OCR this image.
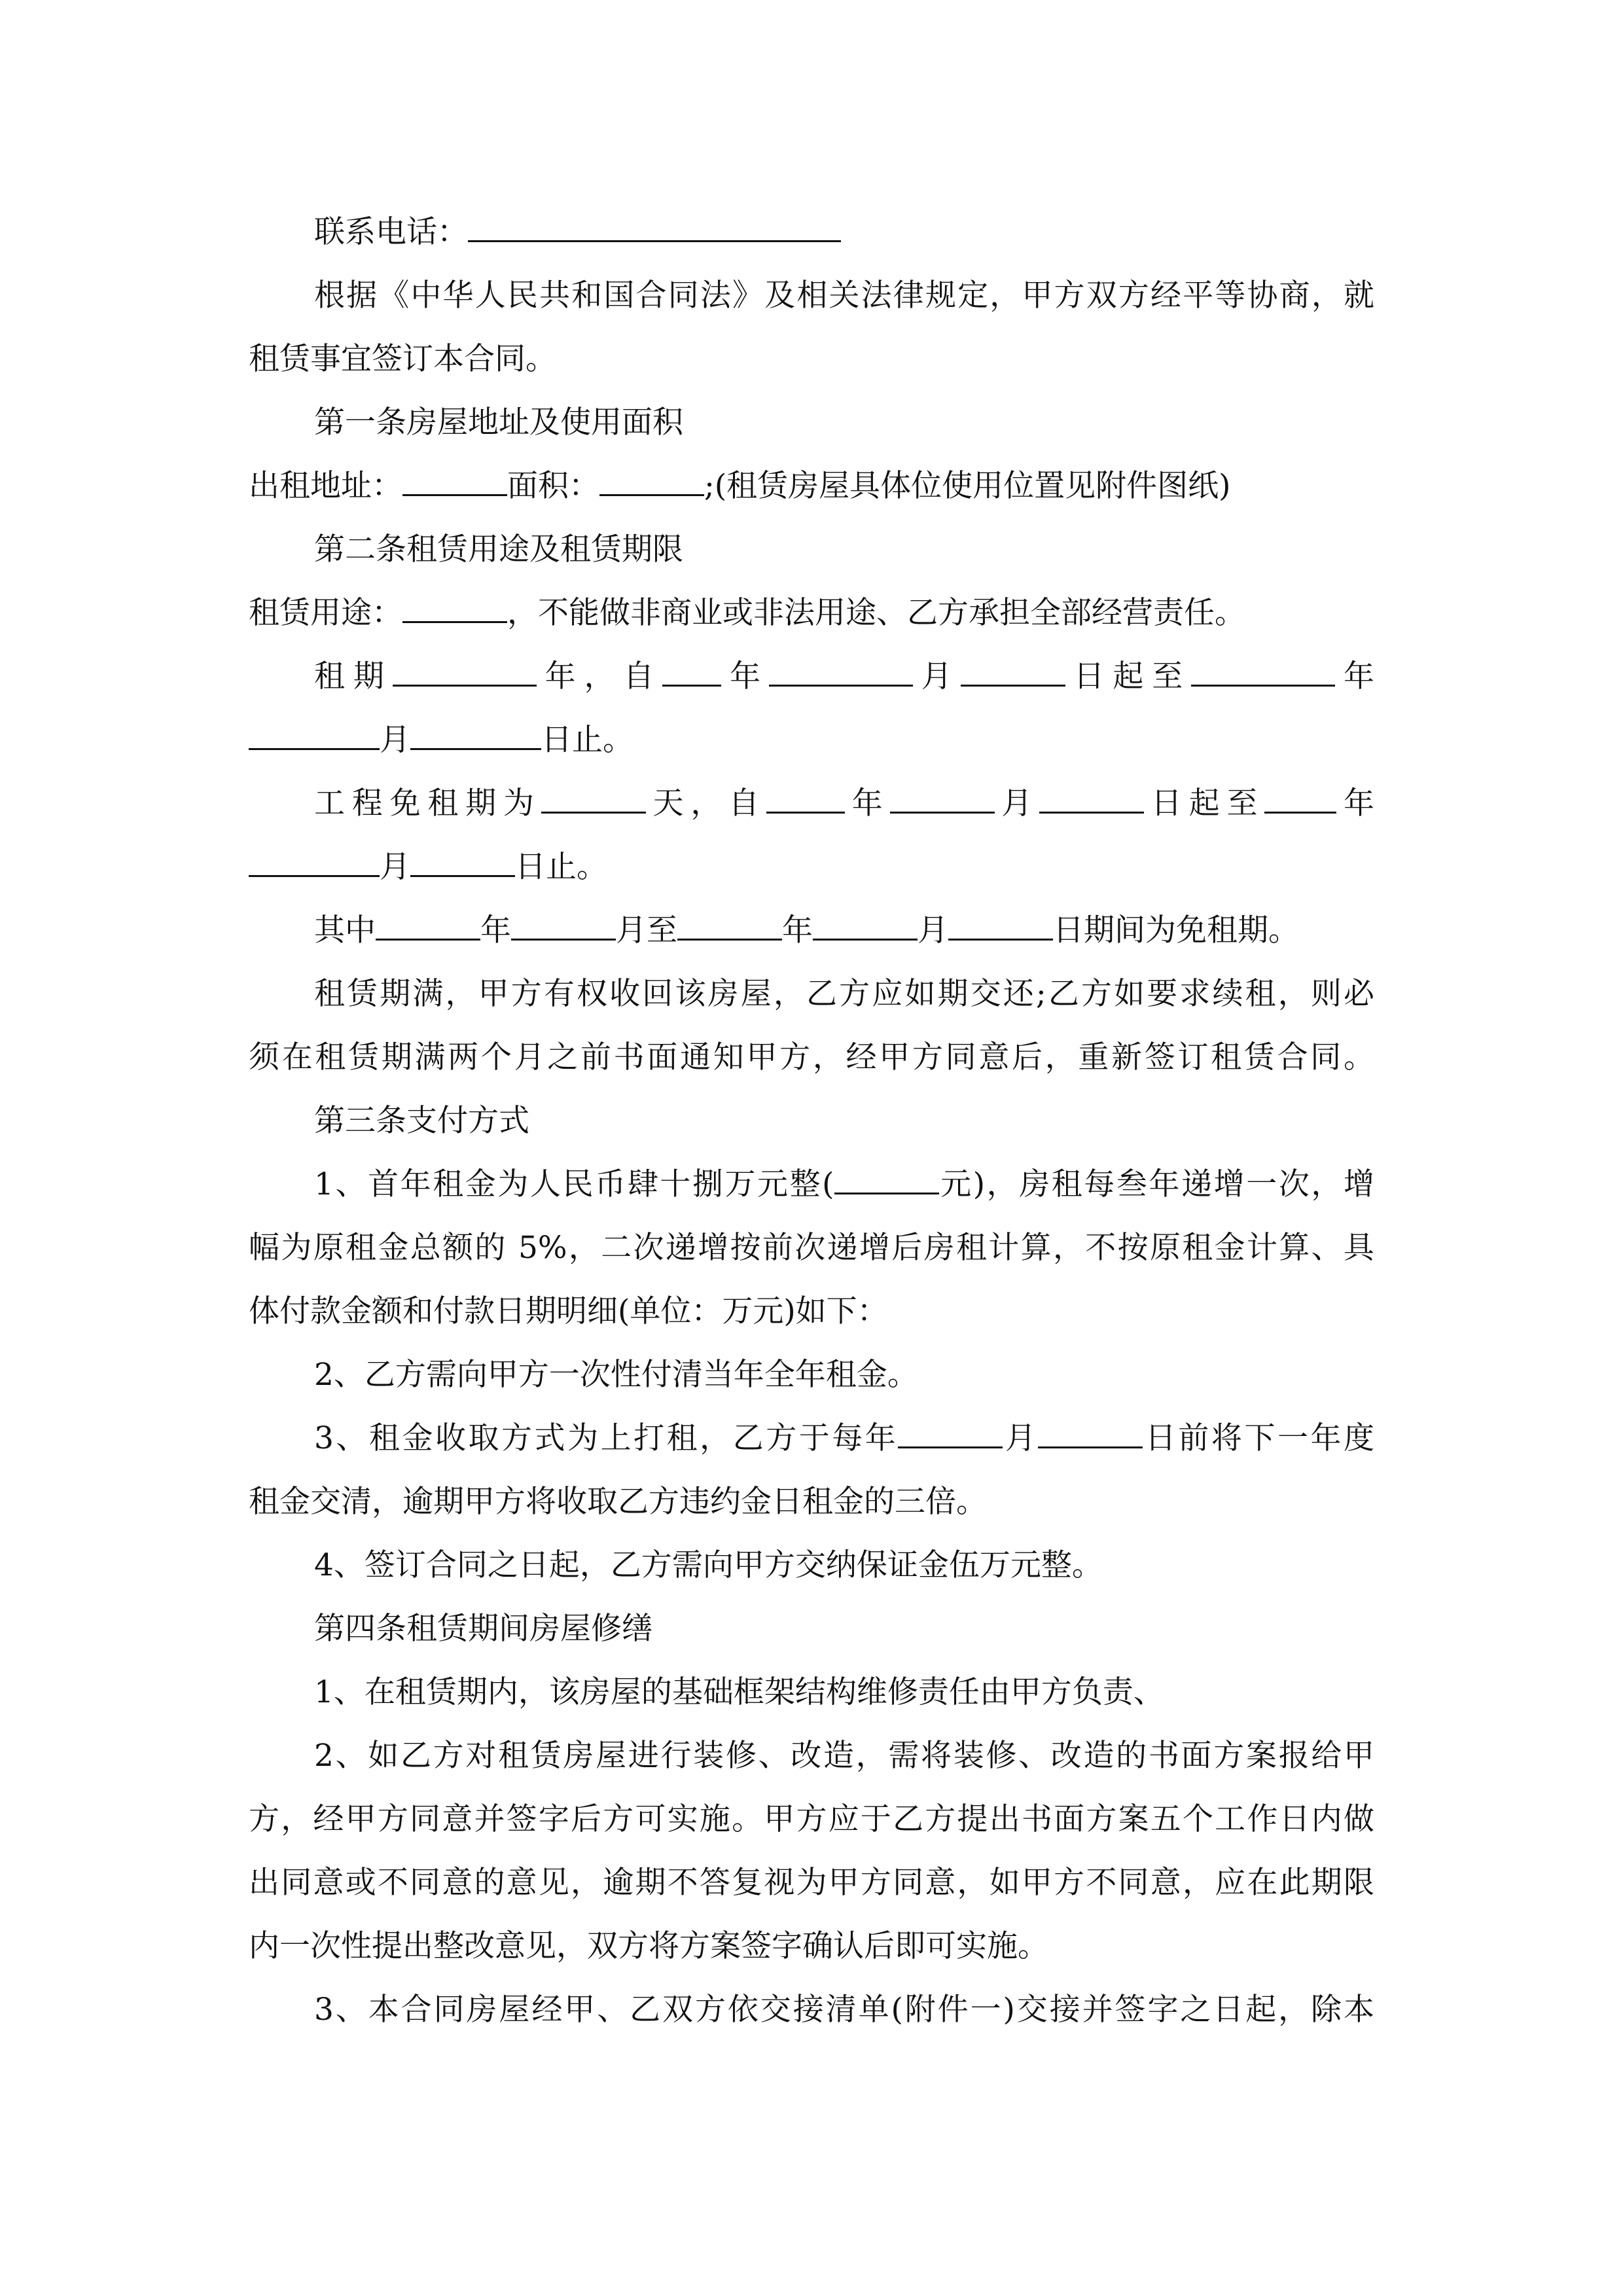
联系电话：
根据《中华人民共和国合同法》及相关法律规定，甲方双方经平等协商，就
租赁事宜签订本合同。
第一条房屋地址及使用面积
出租地址：	面积：	;(租赁房屋具体位使用位置见附件图纸)
第二条租赁用途及租赁期限
租赁用途：	，不能做非商业或非法用途、乙方承担全部经营责任。
租期	年，自 年	月	日起至	年
月	日止。
工程免租期为	天，自	年	月	日起至 年
月	日止。
其中	年	月至	年	月	日期间为免租期。
租赁期满，甲方有权收回该房屋，乙方应如期交还;乙方如要求续租，则必
须在租赁期满两个月之前书面通知甲方，经甲方同意后，重新签订租赁合同。
第三条支付方式
1、首年租金为人民币肆十捌万元整(	元)，房租每叁年递增一次，增
幅为原租金总额的 5%，二次递增按前次递增后房租计算，不按原租金计算、具
体付款金额和付款日期明细(单位：万元)如下：
2、乙方需向甲方一次性付清当年全年租金。
3、租金收取方式为上打租，乙方于每年	月	日前将下一年度
租金交清，逾期甲方将收取乙方违约金日租金的三倍。
4、签订合同之日起，乙方需向甲方交纳保证金伍万元整。
第四条租赁期间房屋修缮
1、在租赁期内，该房屋的基础框架结构维修责任由甲方负责、
2、如乙方对租赁房屋进行装修、改造，需将装修、改造的书面方案报给甲
方，经甲方同意并签字后方可实施。甲方应于乙方提出书面方案五个工作日内做
出同意或不同意的意见，逾期不答复视为甲方同意，如甲方不同意，应在此期限
内一次性提出整改意见，双方将方案签字确认后即可实施。
3、本合同房屋经甲、乙双方依交接清单(附件一)交接并签字之日起，除本
